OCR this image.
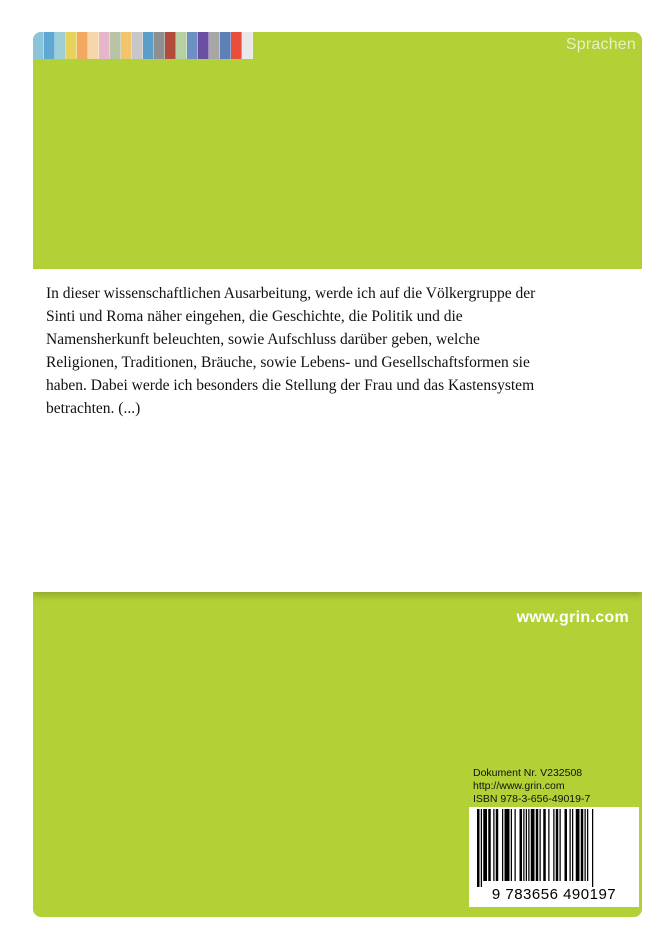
Sprachen

In dieser wissenschaftlichen Ausarbeitung, werde ich auf die Völkergruppe der Sinti und Roma näher eingehen, die Geschichte, die Politik und die Namensherkunft beleuchten, sowie Aufschluss darüber geben, welche Religionen, Traditionen, Bräuche, sowie Lebens- und Gesellschaftsformen sie haben. Dabei werde ich besonders die Stellung der Frau und das Kastensystem betrachten. (...)

www.grin.com
Dokument Nr. V232508
http://www.grin.com
ISBN 978-3-656-49019-7
9 783656 490197
